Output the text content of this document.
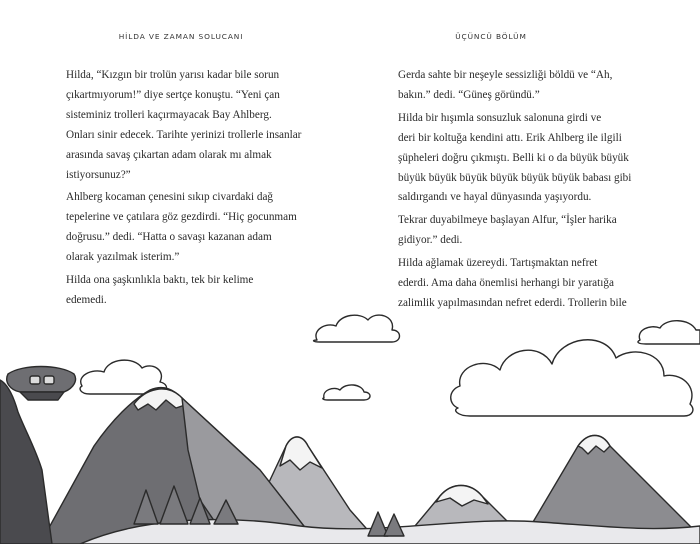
HİLDA VE ZAMAN SOLUCANI	ÜÇÜNCÜ BÖLÜM

Hilda, “Kızgın bir trolün yarısı kadar bile sorun
çıkartmıyorum!” diye sertçe konuştu. “Yeni çan
sisteminiz trolleri kaçırmayacak Bay Ahlberg.
Onları sinir edecek. Tarihte yerinizi trollerle insanlar
arasında savaş çıkartan adam olarak mı almak
istiyorsunuz?”

Ahlberg kocaman çenesini sıkıp civardaki dağ
tepelerine ve çatılara göz gezdirdi. “Hiç gocunmam
doğrusu.” dedi. “Hatta o savaşı kazanan adam
olarak yazılmak isterim.”

Hilda ona şaşkınlıkla baktı, tek bir kelime
edemedi.

Gerda sahte bir neşeyle sessizliği böldü ve “Ah,
bakın.” dedi. “Güneş göründü.”

Hilda bir hışımla sonsuzluk salonuna girdi ve
deri bir koltuğa kendini attı. Erik Ahlberg ile ilgili
şüpheleri doğru çıkmıştı. Belli ki o da büyük büyük
büyük büyük büyük büyük büyük büyük babası gibi
saldırgandı ve hayal dünyasında yaşıyordu.

Tekrar duyabilmeye başlayan Alfur, “İşler harika
gidiyor.” dedi.

Hilda ağlamak üzereydi. Tartışmaktan nefret
ederdi. Ama daha önemlisi herhangi bir yaratığa
zalimlik yapılmasından nefret ederdi. Trollerin bile
